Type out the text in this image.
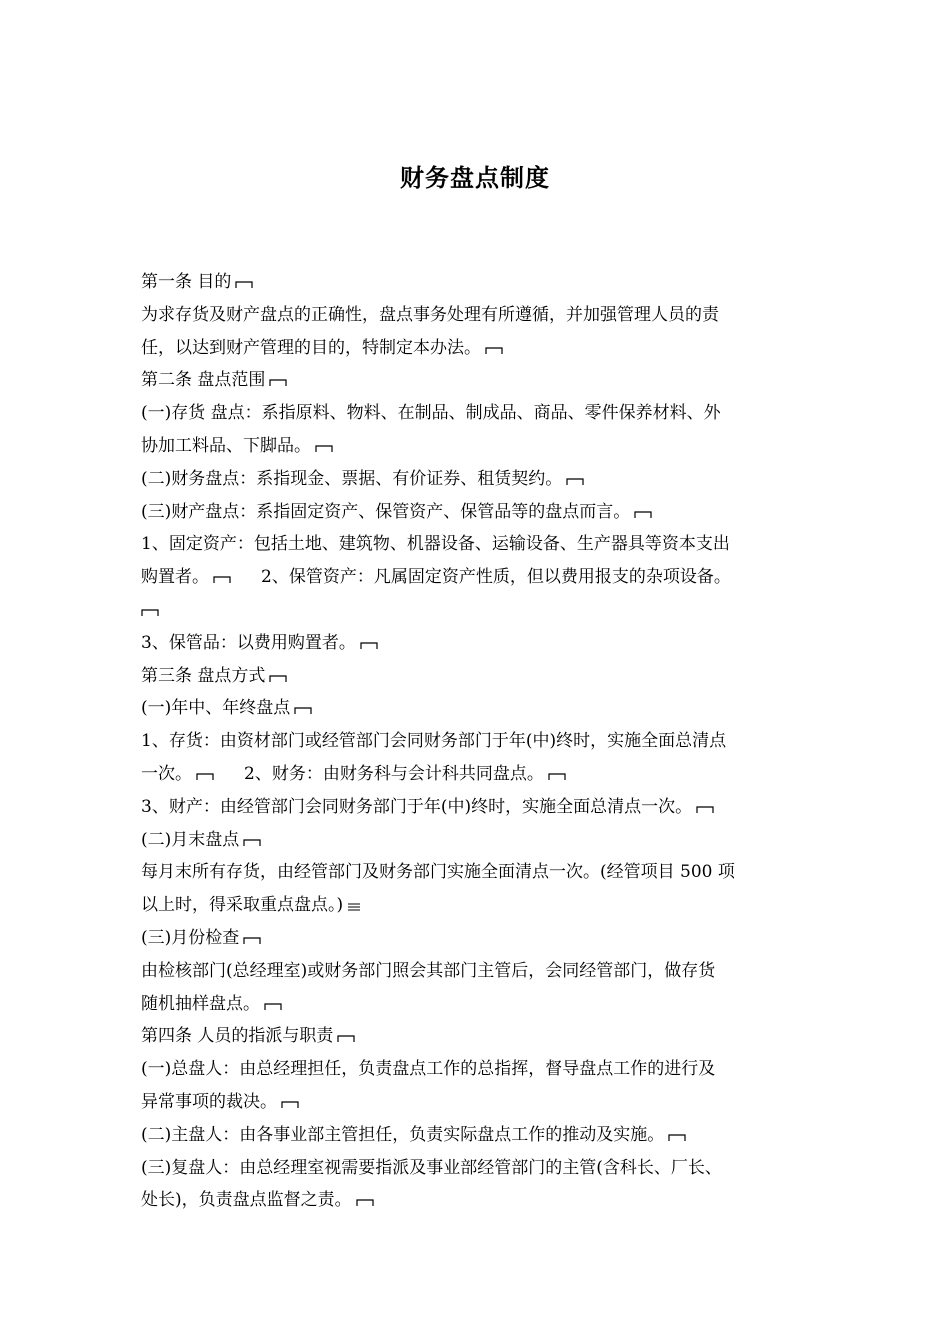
财务盘点制度
第一条 目的
为求存货及财产盘点的正确性，盘点事务处理有所遵循，并加强管理人员的责
任，以达到财产管理的目的，特制定本办法。
第二条 盘点范围
(一)存货 盘点：系指原料、物料、在制品、制成品、商品、零件保养材料、外
协加工料品、下脚品。
(二)财务盘点：系指现金、票据、有价证券、租赁契约。
(三)财产盘点：系指固定资产、保管资产、保管品等的盘点而言。
1、固定资产：包括土地、建筑物、机器设备、运输设备、生产器具等资本支出
购置者。	2、保管资产：凡属固定资产性质，但以费用报支的杂项设备。
3、保管品：以费用购置者。
第三条 盘点方式
(一)年中、年终盘点
1、存货：由资材部门或经管部门会同财务部门于年(中)终时，实施全面总清点
一次。	2、财务：由财务科与会计科共同盘点。
3、财产：由经管部门会同财务部门于年(中)终时，实施全面总清点一次。
(二)月末盘点
每月末所有存货，由经管部门及财务部门实施全面清点一次。(经管项目 500 项
以上时，得采取重点盘点。)
(三)月份检查
由检核部门(总经理室)或财务部门照会其部门主管后，会同经管部门，做存货
随机抽样盘点。
第四条 人员的指派与职责
(一)总盘人：由总经理担任，负责盘点工作的总指挥，督导盘点工作的进行及
异常事项的裁决。
(二)主盘人：由各事业部主管担任，负责实际盘点工作的推动及实施。
(三)复盘人：由总经理室视需要指派及事业部经管部门的主管(含科长、厂长、
处长)，负责盘点监督之责。
